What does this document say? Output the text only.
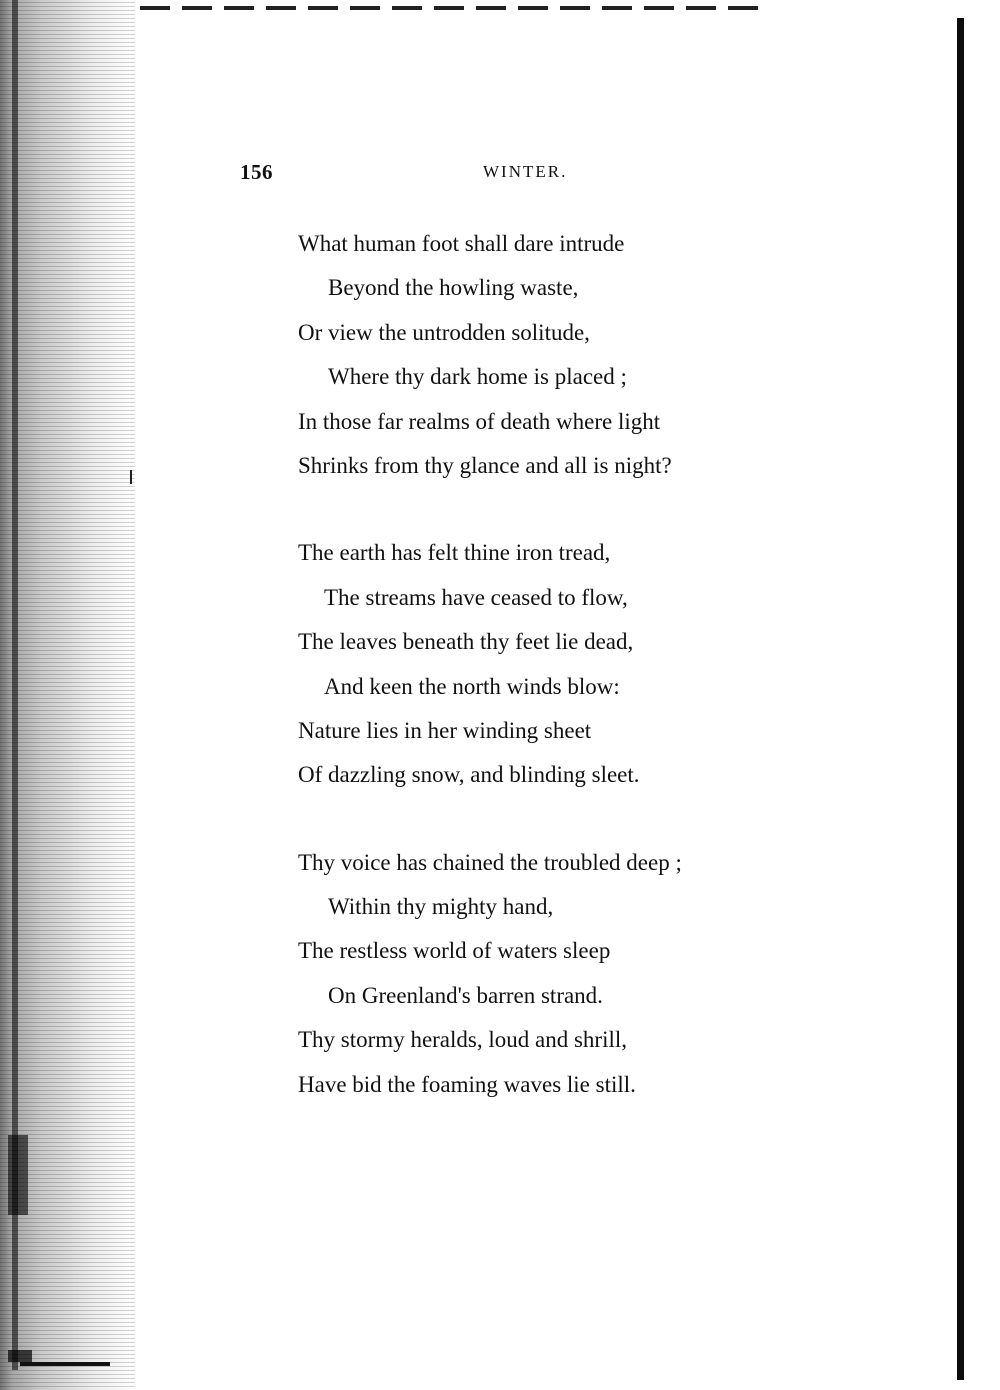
156	WINTER.
What human foot shall dare intrude
Beyond the howling waste,
Or view the untrodden solitude,
Where thy dark home is placed ;
In those far realms of death where light
Shrinks from thy glance and all is night?
The earth has felt thine iron tread,
The streams have ceased to flow,
The leaves beneath thy feet lie dead,
And keen the north winds blow:
Nature lies in her winding sheet
Of dazzling snow, and blinding sleet.
Thy voice has chained the troubled deep ;
Within thy mighty hand,
The restless world of waters sleep
On Greenland's barren strand.
Thy stormy heralds, loud and shrill,
Have bid the foaming waves lie still.
